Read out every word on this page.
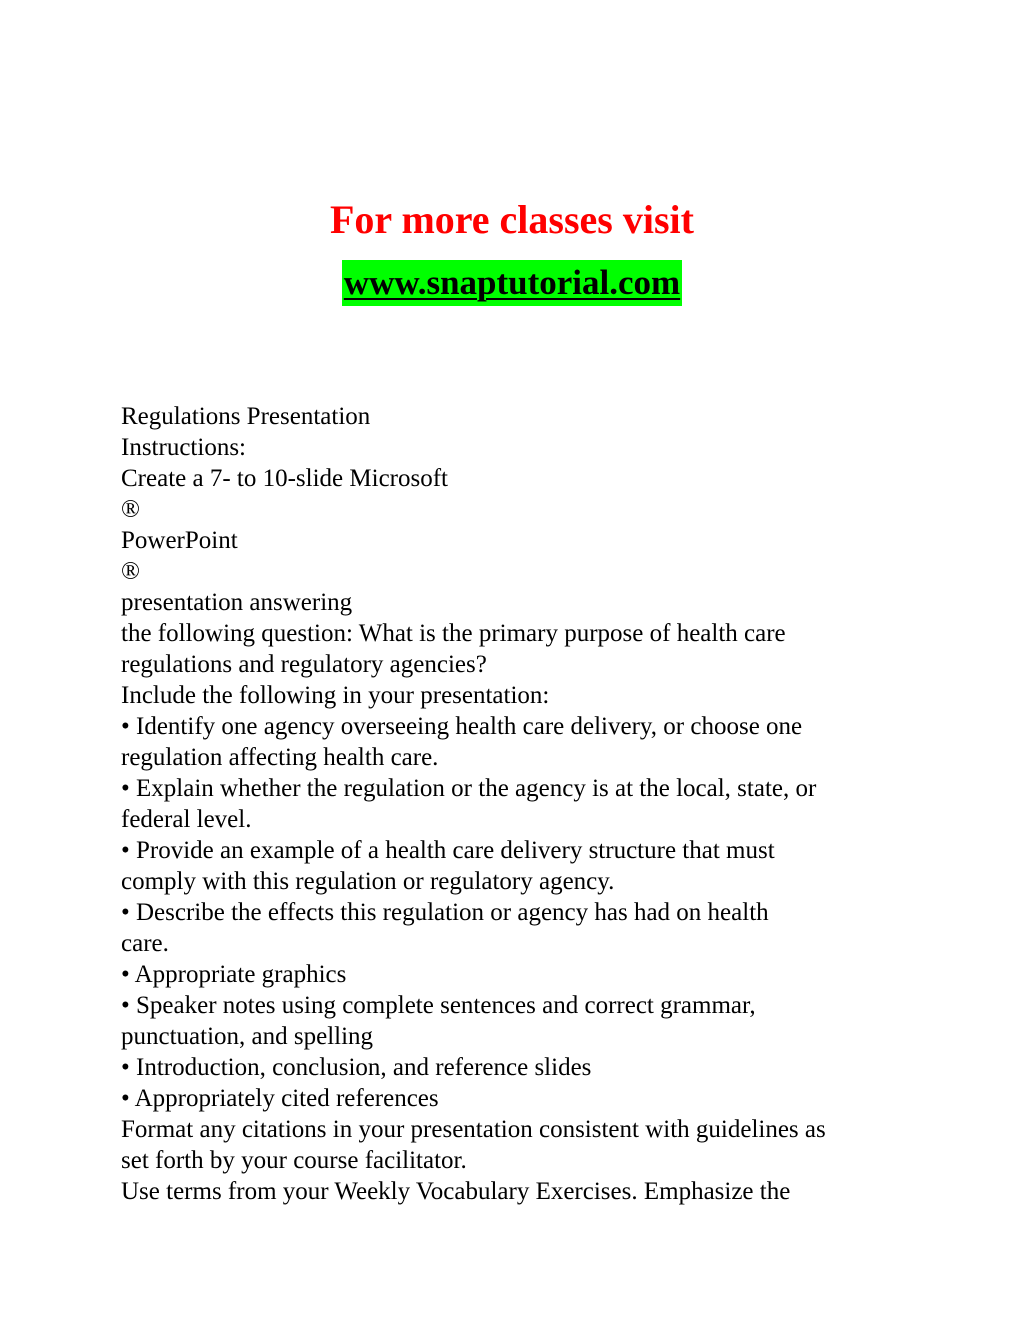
For more classes visit
www.snaptutorial.com
Regulations Presentation
Instructions:
Create a 7- to 10-slide Microsoft
®
PowerPoint
®
presentation answering
the following question: What is the primary purpose of health care
regulations and regulatory agencies?
Include the following in your presentation:
• Identify one agency overseeing health care delivery, or choose one
regulation affecting health care.
• Explain whether the regulation or the agency is at the local, state, or
federal level.
• Provide an example of a health care delivery structure that must
comply with this regulation or regulatory agency.
• Describe the effects this regulation or agency has had on health
care.
• Appropriate graphics
• Speaker notes using complete sentences and correct grammar,
punctuation, and spelling
• Introduction, conclusion, and reference slides
• Appropriately cited references
Format any citations in your presentation consistent with guidelines as
set forth by your course facilitator.
Use terms from your Weekly Vocabulary Exercises. Emphasize the
